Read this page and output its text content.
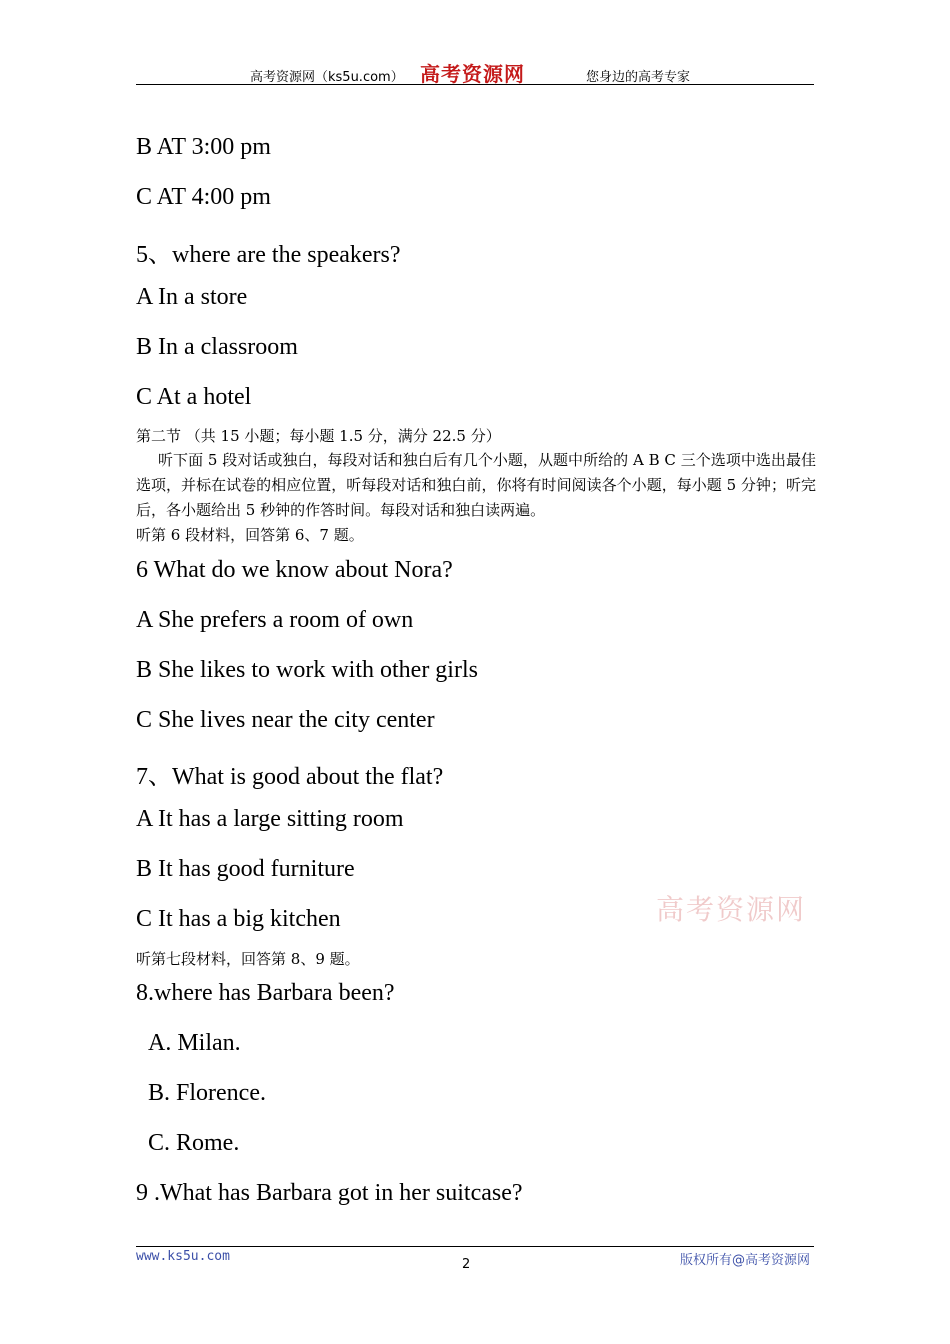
高考资源网（ks5u.com） 高考资源网	您身边的高考专家
B AT 3:00 pm
C AT 4:00 pm
5、where are the speakers?
A In a store
B In a classroom
C At a hotel
第二节 （共 15 小题；每小题 1.5 分，满分 22.5 分）
听下面 5 段对话或独白，每段对话和独白后有几个小题，从题中所给的 A B C 三个选项中选出最佳选项，并标在试卷的相应位置，听每段对话和独白前，你将有时间阅读各个小题，每小题 5 分钟；听完后，各小题给出 5 秒钟的作答时间。每段对话和独白读两遍。
听第 6 段材料，回答第 6、7 题。
6 What do we know about Nora?
A She prefers a room of own
B She likes to work with other girls
C She lives near the city center
7、What is good about the flat?
A It has a large sitting room
B It has good furniture
C It has a big kitchen	高考资源网
听第七段材料，回答第 8、9 题。
8.where has Barbara been?
A. Milan.
B. Florence.
C. Rome.
9 .What has Barbara got in her suitcase?
www.ks5u.com
2	版权所有@高考资源网
